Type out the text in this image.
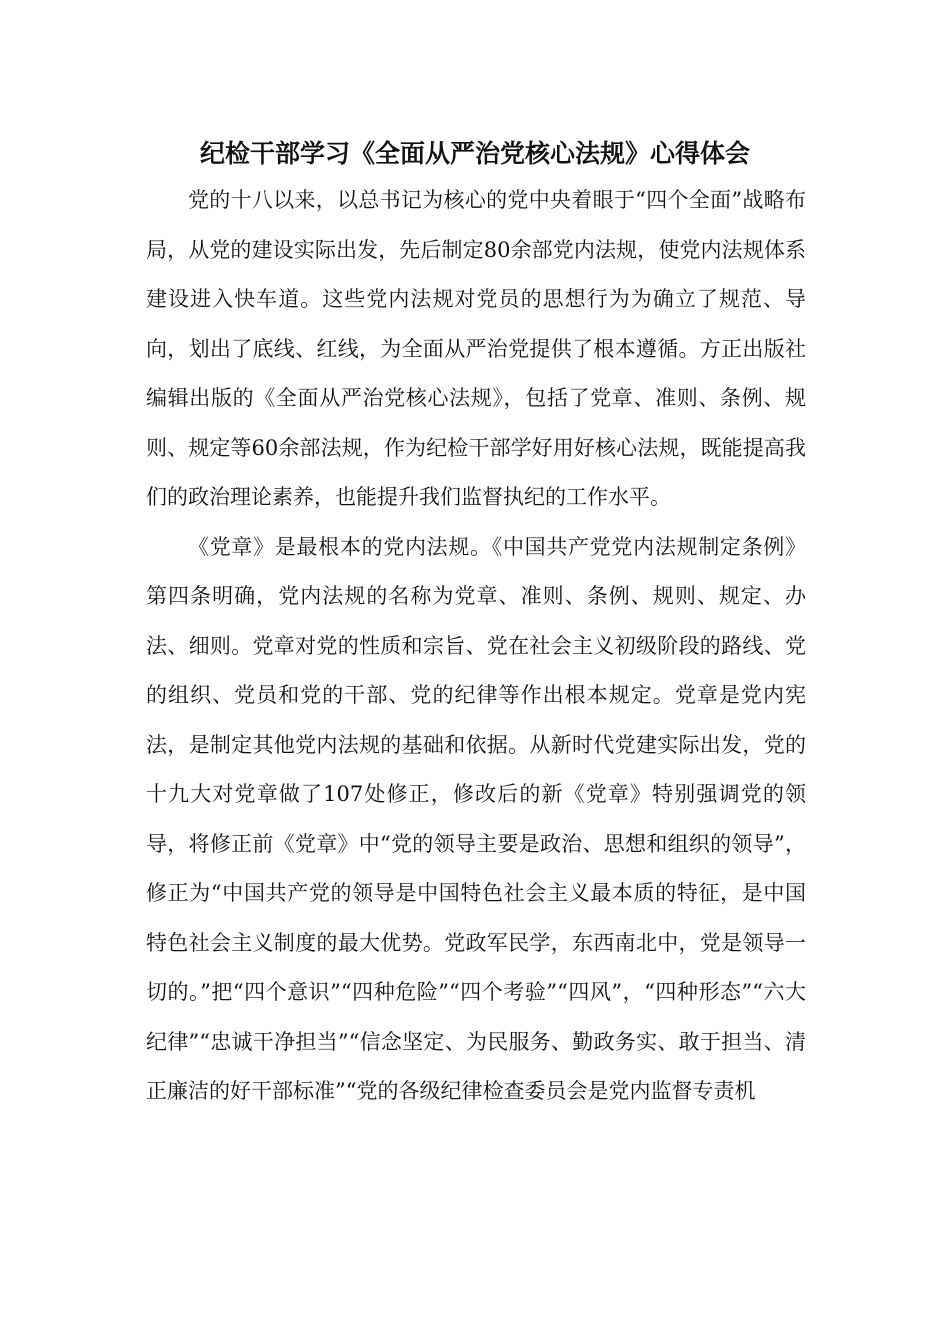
纪检干部学习《全面从严治党核心法规》心得体会

党的十八以来，以总书记为核心的党中央着眼于“四个全面”战略布局，从党的建设实际出发，先后制定80余部党内法规，使党内法规体系建设进入快车道。这些党内法规对党员的思想行为为确立了规范、导向，划出了底线、红线，为全面从严治党提供了根本遵循。方正出版社编辑出版的《全面从严治党核心法规》，包括了党章、准则、条例、规则、规定等60余部法规，作为纪检干部学好用好核心法规，既能提高我们的政治理论素养，也能提升我们监督执纪的工作水平。

《党章》是最根本的党内法规。《中国共产党党内法规制定条例》第四条明确，党内法规的名称为党章、准则、条例、规则、规定、办法、细则。党章对党的性质和宗旨、党在社会主义初级阶段的路线、党的组织、党员和党的干部、党的纪律等作出根本规定。党章是党内宪法，是制定其他党内法规的基础和依据。从新时代党建实际出发，党的十九大对党章做了107处修正，修改后的新《党章》特别强调党的领导，将修正前《党章》中“党的领导主要是政治、思想和组织的领导”，修正为“中国共产党的领导是中国特色社会主义最本质的特征，是中国特色社会主义制度的最大优势。党政军民学，东西南北中，党是领导一切的。”把“四个意识”“四种危险”“四个考验”“四风”，“四种形态”“六大纪律”“忠诚干净担当”“信念坚定、为民服务、勤政务实、敢于担当、清正廉洁的好干部标准”“党的各级纪律检查委员会是党内监督专责机
